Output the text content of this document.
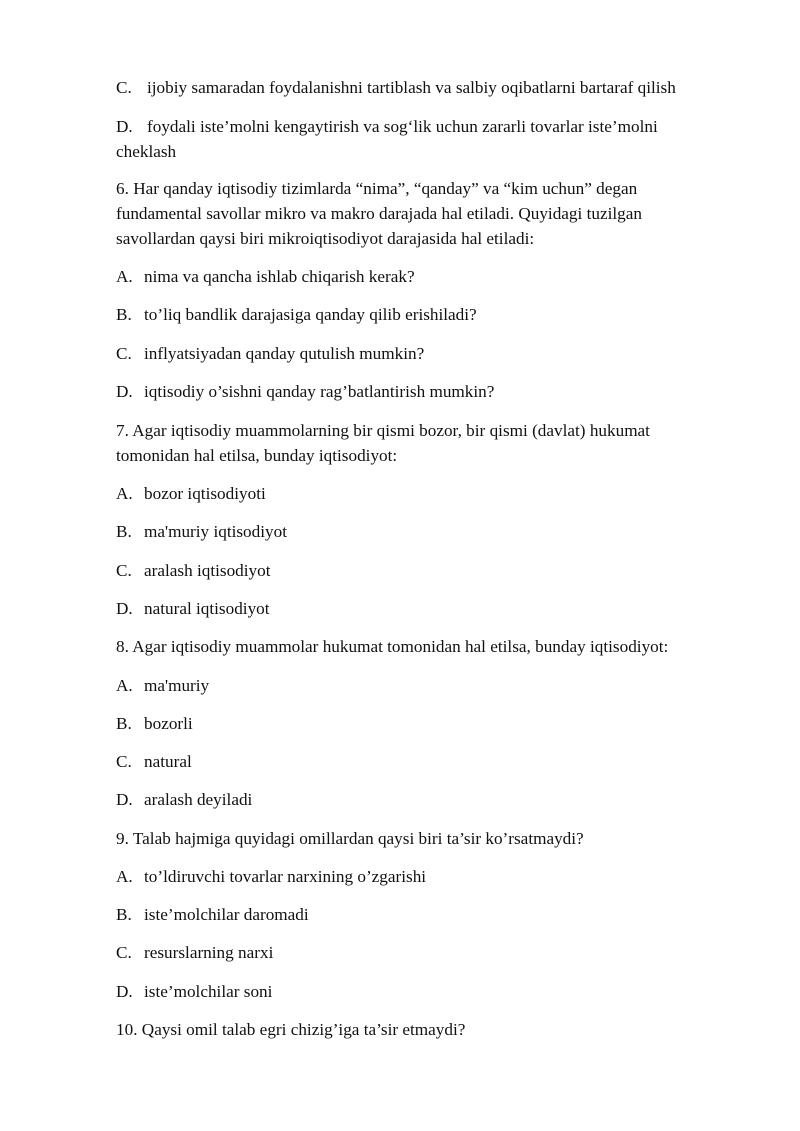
C. ijobiy samaradan foydalanishni tartiblash va salbiy oqibatlarni bartaraf qilish
D. foydali iste’molni kengaytirish va sog‘lik uchun zararli tovarlar iste’molni
cheklash
6. Har qanday iqtisodiy tizimlarda “nima”, “qanday” va “kim uchun” degan
fundamental savollar mikro va makro darajada hal etiladi. Quyidagi tuzilgan
savollardan qaysi biri mikroiqtisodiyot darajasida hal etiladi:
A. nima va qancha ishlab chiqarish kerak?
B. to’liq bandlik darajasiga qanday qilib erishiladi?
C. inflyatsiyadan qanday qutulish mumkin?
D. iqtisodiy o’sishni qanday rag’batlantirish mumkin?
7. Agar iqtisodiy muammolarning bir qismi bozor, bir qismi (davlat) hukumat
tomonidan hal etilsa, bunday iqtisodiyot:
A. bozor iqtisodiyoti
B. ma'muriy iqtisodiyot
C. aralash iqtisodiyot
D. natural iqtisodiyot
8. Agar iqtisodiy muammolar hukumat tomonidan hal etilsa, bunday iqtisodiyot:
A. ma'muriy
B. bozorli
C. natural
D. aralash deyiladi
9. Talab hajmiga quyidagi omillardan qaysi biri ta’sir ko’rsatmaydi?
A. to’ldiruvchi tovarlar narxining o’zgarishi
B. iste’molchilar daromadi
C. resurslarning narxi
D. iste’molchilar soni
10. Qaysi omil talab egri chizig’iga ta’sir etmaydi?
